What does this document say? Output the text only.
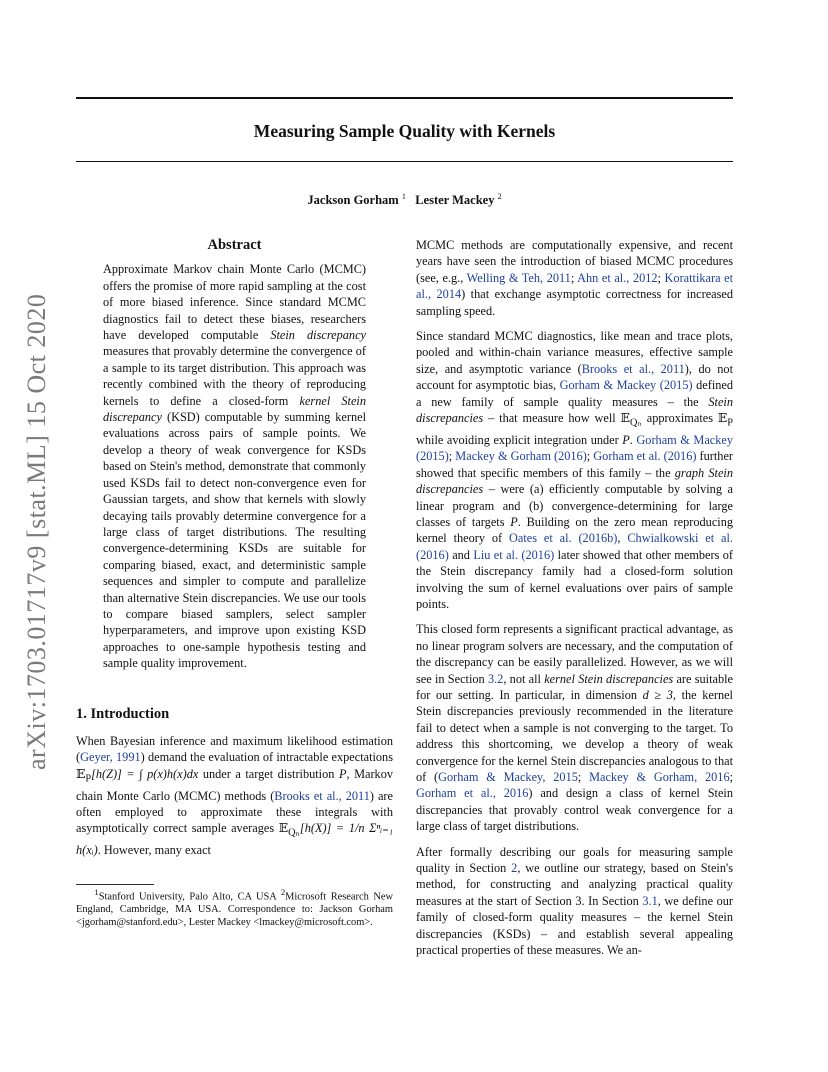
arXiv:1703.01717v9 [stat.ML] 15 Oct 2020
Measuring Sample Quality with Kernels
Jackson Gorham $^1$ Lester Mackey $^2$
Abstract
Approximate Markov chain Monte Carlo (MCMC) offers the promise of more rapid sampling at the cost of more biased inference. Since standard MCMC diagnostics fail to detect these biases, researchers have developed computable Stein discrepancy measures that provably determine the convergence of a sample to its target distribution. This approach was recently combined with the theory of reproducing kernels to define a closed-form kernel Stein discrepancy (KSD) computable by summing kernel evaluations across pairs of sample points. We develop a theory of weak convergence for KSDs based on Stein's method, demonstrate that commonly used KSDs fail to detect non-convergence even for Gaussian targets, and show that kernels with slowly decaying tails provably determine convergence for a large class of target distributions. The resulting convergence-determining KSDs are suitable for comparing biased, exact, and deterministic sample sequences and simpler to compute and parallelize than alternative Stein discrepancies. We use our tools to compare biased samplers, select sampler hyperparameters, and improve upon existing KSD approaches to one-sample hypothesis testing and sample quality improvement.
1. Introduction
When Bayesian inference and maximum likelihood estimation (Geyer, 1991) demand the evaluation of intractable expectations 𝔼$_P$[h(Z)] = ∫ p(x)h(x)dx under a target distribution P, Markov chain Monte Carlo (MCMC) methods (Brooks et al., 2011) are often employed to approximate these integrals with asymptotically correct sample averages 𝔼$_{Q_n}$[h(X)] = 1/n Σⁿᵢ₌₁ h(xᵢ). However, many exact
$^1$Stanford University, Palo Alto, CA USA $^2$Microsoft Research New England, Cambridge, MA USA. Correspondence to: Jackson Gorham <jgorham@stanford.edu>, Lester Mackey <lmackey@microsoft.com>.
MCMC methods are computationally expensive, and recent years have seen the introduction of biased MCMC procedures (see, e.g., Welling & Teh, 2011; Ahn et al., 2012; Korattikara et al., 2014) that exchange asymptotic correctness for increased sampling speed.
Since standard MCMC diagnostics, like mean and trace plots, pooled and within-chain variance measures, effective sample size, and asymptotic variance (Brooks et al., 2011), do not account for asymptotic bias, Gorham & Mackey (2015) defined a new family of sample quality measures – the Stein discrepancies – that measure how well 𝔼$_{Q_n}$ approximates 𝔼$_P$ while avoiding explicit integration under P. Gorham & Mackey (2015); Mackey & Gorham (2016); Gorham et al. (2016) further showed that specific members of this family – the graph Stein discrepancies – were (a) efficiently computable by solving a linear program and (b) convergence-determining for large classes of targets P. Building on the zero mean reproducing kernel theory of Oates et al. (2016b), Chwialkowski et al. (2016) and Liu et al. (2016) later showed that other members of the Stein discrepancy family had a closed-form solution involving the sum of kernel evaluations over pairs of sample points.
This closed form represents a significant practical advantage, as no linear program solvers are necessary, and the computation of the discrepancy can be easily parallelized. However, as we will see in Section 3.2, not all kernel Stein discrepancies are suitable for our setting. In particular, in dimension d ≥ 3, the kernel Stein discrepancies previously recommended in the literature fail to detect when a sample is not converging to the target. To address this shortcoming, we develop a theory of weak convergence for the kernel Stein discrepancies analogous to that of (Gorham & Mackey, 2015; Mackey & Gorham, 2016; Gorham et al., 2016) and design a class of kernel Stein discrepancies that provably control weak convergence for a large class of target distributions.
After formally describing our goals for measuring sample quality in Section 2, we outline our strategy, based on Stein's method, for constructing and analyzing practical quality measures at the start of Section 3. In Section 3.1, we define our family of closed-form quality measures – the kernel Stein discrepancies (KSDs) – and establish several appealing practical properties of these measures. We an-
